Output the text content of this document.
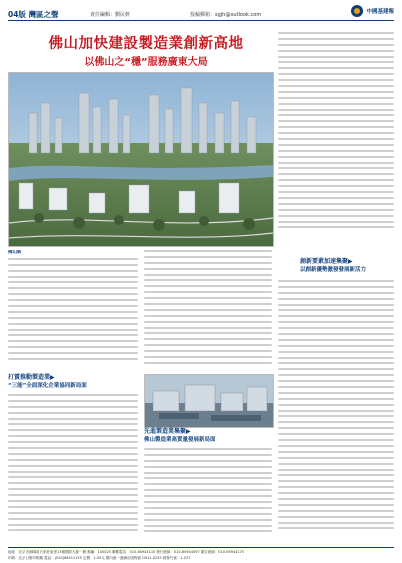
04版 灣區之聲	責任編輯：劉民軒	投稿郵箱：sgjh@outlook.com	中國基建報
佛山加快建設製造業創新高地
以佛山之“穩”服務廣東大局
創新要素加速集聚▶
以創新優勢激發發展新活力
佛山新
打賞推動製造業▶
“三能”全面深化企業協同新局面
先進製造業集聚▶
佛山製造業高質量發展新局面
地址：北京市朝陽區白家莊東里13號國際大廈一層 郵編：100025 聯繫電話：010-65944110 發行熱線：010-65944097 廣告熱線：010-65944175
印刷：北京日報印刷廠 電話：(010)68411155 定價：1.50元 國內統一連續出版物號 CN11-0253 郵發代號：1-237
